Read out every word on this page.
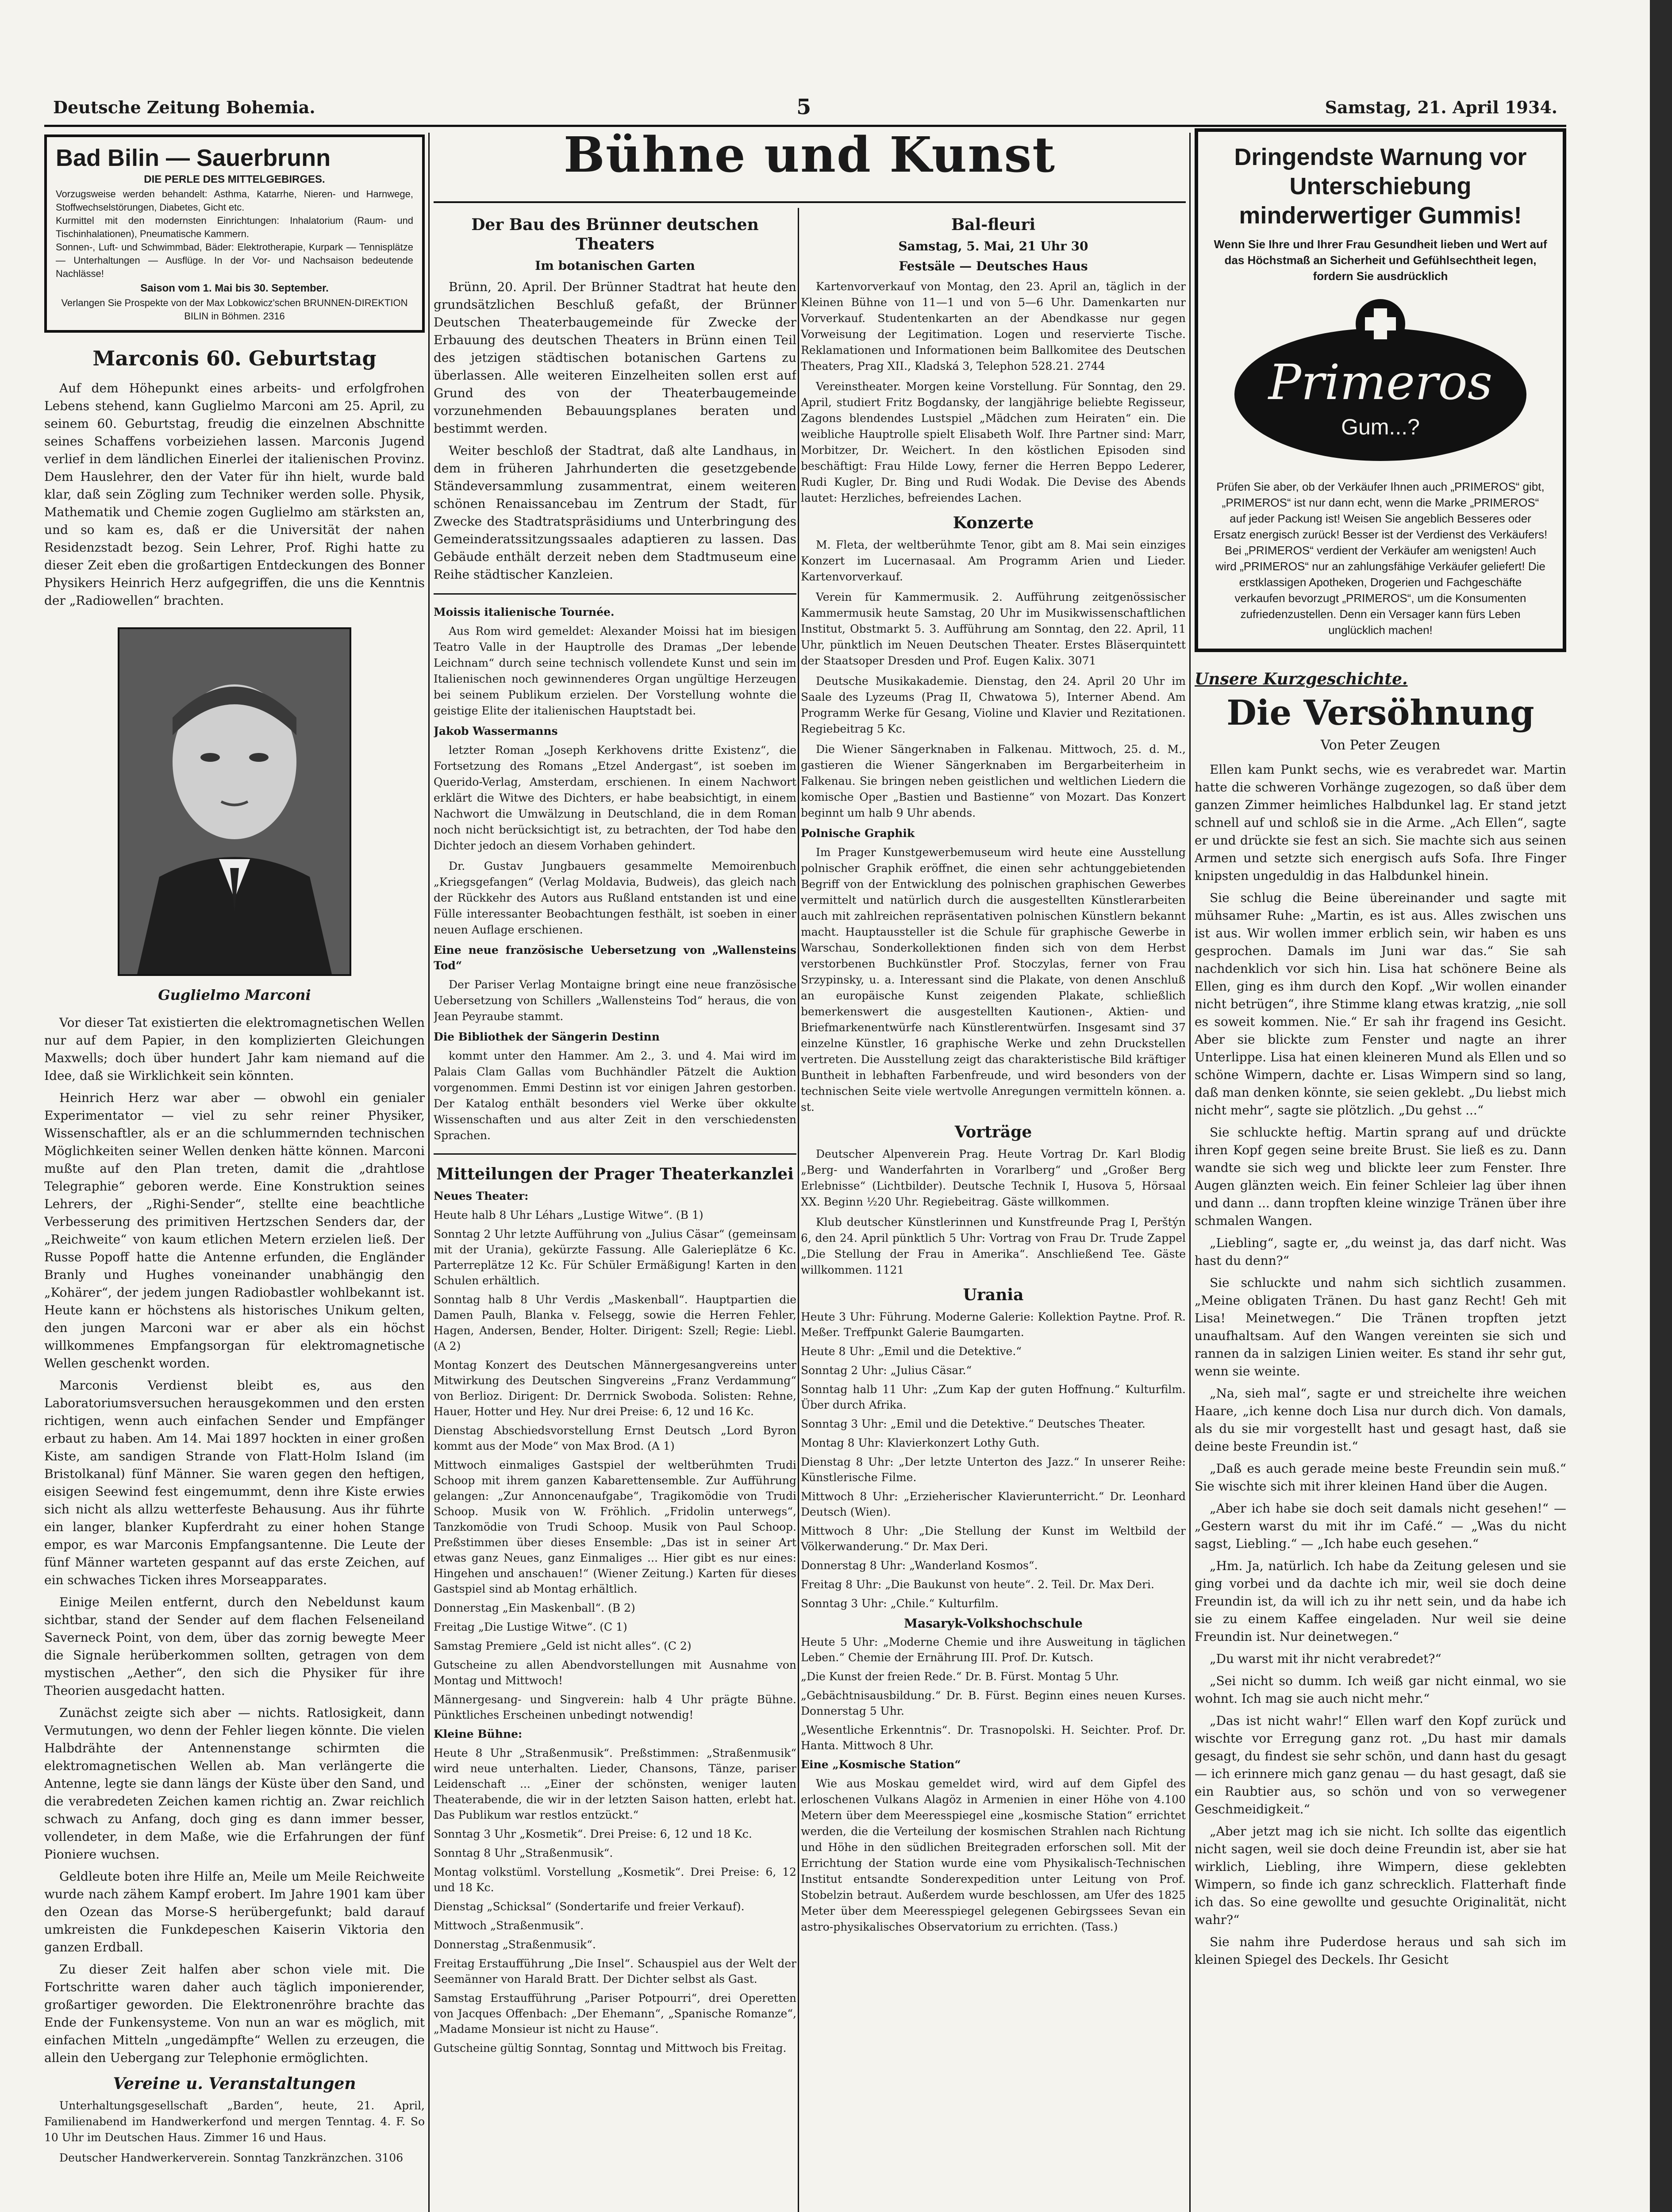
Deutsche Zeitung Bohemia.	5	Samstag, 21. April 1934.
Bad Bilin — Sauerbrunn
DIE PERLE DES MITTELGEBIRGES.
Vorzugsweise werden behandelt: Asthma, Katarrhe, Nieren- und Harnwege, Stoffwechselstörungen, Diabetes, Gicht etc.
Kurmittel mit den modernsten Einrichtungen: Inhalatorium (Raum- und Tischinhalationen), Pneumatische Kammern.
Sonnen-, Luft- und Schwimmbad, Bäder: Elektrotherapie, Kurpark — Tennisplätze — Unterhaltungen — Ausflüge. In der Vor- und Nachsaison bedeutende Nachlässe!
Saison vom 1. Mai bis 30. September.
Verlangen Sie Prospekte von der Max Lobkowicz'schen BRUNNEN-DIREKTION BILIN in Böhmen. 2316
Marconis 60. Geburtstag

Auf dem Höhepunkt eines arbeits- und erfolgfrohen Lebens stehend, kann Guglielmo Marconi am 25. April, zu seinem 60. Geburtstag, freudig die einzelnen Abschnitte seines Schaffens vorbeiziehen lassen. Marconis Jugend verlief in dem ländlichen Einerlei der italienischen Provinz. Dem Hauslehrer, den der Vater für ihn hielt, wurde bald klar, daß sein Zögling zum Techniker werden solle. Physik, Mathematik und Chemie zogen Guglielmo am stärksten an, und so kam es, daß er die Universität der nahen Residenzstadt bezog. Sein Lehrer, Prof. Righi hatte zu dieser Zeit eben die großartigen Entdeckungen des Bonner Physikers Heinrich Herz aufgegriffen, die uns die Kenntnis der „Radiowellen“ brachten.

Guglielmo Marconi

Vor dieser Tat existierten die elektromagnetischen Wellen nur auf dem Papier, in den komplizierten Gleichungen Maxwells; doch über hundert Jahr kam niemand auf die Idee, daß sie Wirklichkeit sein könnten.

Heinrich Herz war aber — obwohl ein genialer Experimentator — viel zu sehr reiner Physiker, Wissenschaftler, als er an die schlummernden technischen Möglichkeiten seiner Wellen denken hätte können. Marconi mußte auf den Plan treten, damit die „drahtlose Telegraphie“ geboren werde. Eine Konstruktion seines Lehrers, der „Righi-Sender“, stellte eine beachtliche Verbesserung des primitiven Hertzschen Senders dar, der „Reichweite“ von kaum etlichen Metern erzielen ließ. Der Russe Popoff hatte die Antenne erfunden, die Engländer Branly und Hughes voneinander unabhängig den „Kohärer“, der jedem jungen Radiobastler wohlbekannt ist. Heute kann er höchstens als historisches Unikum gelten, den jungen Marconi war er aber als ein höchst willkommenes Empfangsorgan für elektromagnetische Wellen geschenkt worden.

Marconis Verdienst bleibt es, aus den Laboratoriumsversuchen herausgekommen und den ersten richtigen, wenn auch einfachen Sender und Empfänger erbaut zu haben. Am 14. Mai 1897 hockten in einer großen Kiste, am sandigen Strande von Flatt-Holm Island (im Bristolkanal) fünf Männer. Sie waren gegen den heftigen, eisigen Seewind fest eingemummt, denn ihre Kiste erwies sich nicht als allzu wetterfeste Behausung. Aus ihr führte ein langer, blanker Kupferdraht zu einer hohen Stange empor, es war Marconis Empfangsantenne. Die Leute der fünf Männer warteten gespannt auf das erste Zeichen, auf ein schwaches Ticken ihres Morseapparates.

Einige Meilen entfernt, durch den Nebeldunst kaum sichtbar, stand der Sender auf dem flachen Felseneiland Saverneck Point, von dem, über das zornig bewegte Meer die Signale herüberkommen sollten, getragen von dem mystischen „Aether“, den sich die Physiker für ihre Theorien ausgedacht hatten.

Zunächst zeigte sich aber — nichts. Ratlosigkeit, dann Vermutungen, wo denn der Fehler liegen könnte. Die vielen Halbdrähte der Antennenstange schirmten die elektromagnetischen Wellen ab. Man verlängerte die Antenne, legte sie dann längs der Küste über den Sand, und die verabredeten Zeichen kamen richtig an. Zwar reichlich schwach zu Anfang, doch ging es dann immer besser, vollendeter, in dem Maße, wie die Erfahrungen der fünf Pioniere wuchsen.

Geldleute boten ihre Hilfe an, Meile um Meile Reichweite wurde nach zähem Kampf erobert. Im Jahre 1901 kam über den Ozean das Morse-S herübergefunkt; bald darauf umkreisten die Funkdepeschen Kaiserin Viktoria den ganzen Erdball.

Zu dieser Zeit halfen aber schon viele mit. Die Fortschritte waren daher auch täglich imponierender, großartiger geworden. Die Elektronenröhre brachte das Ende der Funkensysteme. Von nun an war es möglich, mit einfachen Mitteln „ungedämpfte“ Wellen zu erzeugen, die allein den Uebergang zur Telephonie ermöglichten.

Vereine u. Veranstaltungen

Unterhaltungsgesellschaft „Barden“, heute, 21. April, Familienabend im Handwerkerfond und mergen Tenntag. 4. F. So 10 Uhr im Deutschen Haus. Zimmer 16 und Haus.

Deutscher Handwerkerverein. Sonntag Tanzkränzchen. 3106

Bühne und Kunst
Der Bau des Brünner deutschen Theaters
Im botanischen Garten

Brünn, 20. April. Der Brünner Stadtrat hat heute den grundsätzlichen Beschluß gefaßt, der Brünner Deutschen Theaterbaugemeinde für Zwecke der Erbauung des deutschen Theaters in Brünn einen Teil des jetzigen städtischen botanischen Gartens zu überlassen. Alle weiteren Einzelheiten sollen erst auf Grund des von der Theaterbaugemeinde vorzunehmenden Bebauungsplanes beraten und bestimmt werden.

Weiter beschloß der Stadtrat, daß alte Landhaus, in dem in früheren Jahrhunderten die gesetzgebende Ständeversammlung zusammentrat, einem weiteren schönen Renaissancebau im Zentrum der Stadt, für Zwecke des Stadtratspräsidiums und Unterbringung des Gemeinderatssitzungssaales adaptieren zu lassen. Das Gebäude enthält derzeit neben dem Stadtmuseum eine Reihe städtischer Kanzleien.

Moissis italienische Tournée.

Aus Rom wird gemeldet: Alexander Moissi hat im biesigen Teatro Valle in der Hauptrolle des Dramas „Der lebende Leichnam“ durch seine technisch vollendete Kunst und sein im Italienischen noch gewinnenderes Organ ungültige Herzeugen bei seinem Publikum erzielen. Der Vorstellung wohnte die geistige Elite der italienischen Hauptstadt bei.

Jakob Wassermanns

letzter Roman „Joseph Kerkhovens dritte Existenz“, die Fortsetzung des Romans „Etzel Andergast“, ist soeben im Querido-Verlag, Amsterdam, erschienen. In einem Nachwort erklärt die Witwe des Dichters, er habe beabsichtigt, in einem Nachwort die Umwälzung in Deutschland, die in dem Roman noch nicht berücksichtigt ist, zu betrachten, der Tod habe den Dichter jedoch an diesem Vorhaben gehindert.

Dr. Gustav Jungbauers gesammelte Memoirenbuch „Kriegsgefangen“ (Verlag Moldavia, Budweis), das gleich nach der Rückkehr des Autors aus Rußland entstanden ist und eine Fülle interessanter Beobachtungen festhält, ist soeben in einer neuen Auflage erschienen.

Eine neue französische Uebersetzung von „Wallensteins Tod“

Der Pariser Verlag Montaigne bringt eine neue französische Uebersetzung von Schillers „Wallensteins Tod“ heraus, die von Jean Peyraube stammt.

Die Bibliothek der Sängerin Destinn

kommt unter den Hammer. Am 2., 3. und 4. Mai wird im Palais Clam Gallas vom Buchhändler Pätzelt die Auktion vorgenommen. Emmi Destinn ist vor einigen Jahren gestorben. Der Katalog enthält besonders viel Werke über okkulte Wissenschaften und aus alter Zeit in den verschiedensten Sprachen.

Mitteilungen der Prager Theaterkanzlei
Neues Theater:
Heute halb 8 Uhr Léhars „Lustige Witwe“. (B 1)
Sonntag 2 Uhr letzte Aufführung von „Julius Cäsar“ (gemeinsam mit der Urania), gekürzte Fassung. Alle Galerieplätze 6 Kc. Parterreplätze 12 Kc. Für Schüler Ermäßigung! Karten in den Schulen erhältlich.
Sonntag halb 8 Uhr Verdis „Maskenball“. Hauptpartien die Damen Paulh, Blanka v. Felsegg, sowie die Herren Fehler, Hagen, Andersen, Bender, Holter. Dirigent: Szell; Regie: Liebl. (A 2)
Montag Konzert des Deutschen Männergesangvereins unter Mitwirkung des Deutschen Singvereins „Franz Verdammung“ von Berlioz. Dirigent: Dr. Derrnick Swoboda. Solisten: Rehne, Hauer, Hotter und Hey. Nur drei Preise: 6, 12 und 16 Kc.
Dienstag Abschiedsvorstellung Ernst Deutsch „Lord Byron kommt aus der Mode“ von Max Brod. (A 1)
Mittwoch einmaliges Gastspiel der weltberühmten Trudi Schoop mit ihrem ganzen Kabarettensemble. Zur Aufführung gelangen: „Zur Annoncenaufgabe“, Tragikomödie von Trudi Schoop. Musik von W. Fröhlich. „Fridolin unterwegs“, Tanzkomödie von Trudi Schoop. Musik von Paul Schoop. Preßstimmen über dieses Ensemble: „Das ist in seiner Art etwas ganz Neues, ganz Einmaliges ... Hier gibt es nur eines: Hingehen und anschauen!“ (Wiener Zeitung.) Karten für dieses Gastspiel sind ab Montag erhältlich.
Donnerstag „Ein Maskenball“. (B 2)
Freitag „Die Lustige Witwe“. (C 1)
Samstag Premiere „Geld ist nicht alles“. (C 2)
Gutscheine zu allen Abendvorstellungen mit Ausnahme von Montag und Mittwoch!
Männergesang- und Singverein: halb 4 Uhr prägte Bühne. Pünktliches Erscheinen unbedingt notwendig!
Kleine Bühne:
Heute 8 Uhr „Straßenmusik“. Preßstimmen: „Straßenmusik“ wird neue unterhalten. Lieder, Chansons, Tänze, pariser Leidenschaft ... „Einer der schönsten, weniger lauten Theaterabende, die wir in der letzten Saison hatten, erlebt hat. Das Publikum war restlos entzückt.“
Sonntag 3 Uhr „Kosmetik“. Drei Preise: 6, 12 und 18 Kc.
Sonntag 8 Uhr „Straßenmusik“.
Montag volkstüml. Vorstellung „Kosmetik“. Drei Preise: 6, 12 und 18 Kc.
Dienstag „Schicksal“ (Sondertarife und freier Verkauf).
Mittwoch „Straßenmusik“.
Donnerstag „Straßenmusik“.
Freitag Erstaufführung „Die Insel“. Schauspiel aus der Welt der Seemänner von Harald Bratt. Der Dichter selbst als Gast.
Samstag Erstaufführung „Pariser Potpourri“, drei Operetten von Jacques Offenbach: „Der Ehemann“, „Spanische Romanze“, „Madame Monsieur ist nicht zu Hause“.
Gutscheine gültig Sonntag, Sonntag und Mittwoch bis Freitag.
Bal-fleuri
Samstag, 5. Mai, 21 Uhr 30
Festsäle — Deutsches Haus

Kartenvorverkauf von Montag, den 23. April an, täglich in der Kleinen Bühne von 11—1 und von 5—6 Uhr. Damenkarten nur Vorverkauf. Studentenkarten an der Abendkasse nur gegen Vorweisung der Legitimation. Logen und reservierte Tische. Reklamationen und Informationen beim Ballkomitee des Deutschen Theaters, Prag XII., Kladská 3, Telephon 528.21. 2744

Vereinstheater. Morgen keine Vorstellung. Für Sonntag, den 29. April, studiert Fritz Bogdansky, der langjährige beliebte Regisseur, Zagons blendendes Lustspiel „Mädchen zum Heiraten“ ein. Die weibliche Hauptrolle spielt Elisabeth Wolf. Ihre Partner sind: Marr, Morbitzer, Dr. Weichert. In den köstlichen Episoden sind beschäftigt: Frau Hilde Lowy, ferner die Herren Beppo Lederer, Rudi Kugler, Dr. Bing und Rudi Wodak. Die Devise des Abends lautet: Herzliches, befreiendes Lachen.

Konzerte

M. Fleta, der weltberühmte Tenor, gibt am 8. Mai sein einziges Konzert im Lucernasaal. Am Programm Arien und Lieder. Kartenvorverkauf.

Verein für Kammermusik. 2. Aufführung zeitgenössischer Kammermusik heute Samstag, 20 Uhr im Musikwissenschaftlichen Institut, Obstmarkt 5. 3. Aufführung am Sonntag, den 22. April, 11 Uhr, pünktlich im Neuen Deutschen Theater. Erstes Bläserquintett der Staatsoper Dresden und Prof. Eugen Kalix. 3071

Deutsche Musikakademie. Dienstag, den 24. April 20 Uhr im Saale des Lyzeums (Prag II, Chwatowa 5), Interner Abend. Am Programm Werke für Gesang, Violine und Klavier und Rezitationen. Regiebeitrag 5 Kc.

Die Wiener Sängerknaben in Falkenau. Mittwoch, 25. d. M., gastieren die Wiener Sängerknaben im Bergarbeiterheim in Falkenau. Sie bringen neben geistlichen und weltlichen Liedern die komische Oper „Bastien und Bastienne“ von Mozart. Das Konzert beginnt um halb 9 Uhr abends.

Polnische Graphik

Im Prager Kunstgewerbemuseum wird heute eine Ausstellung polnischer Graphik eröffnet, die einen sehr achtunggebietenden Begriff von der Entwicklung des polnischen graphischen Gewerbes vermittelt und natürlich durch die ausgestellten Künstlerarbeiten auch mit zahlreichen repräsentativen polnischen Künstlern bekannt macht. Hauptaussteller ist die Schule für graphische Gewerbe in Warschau, Sonderkollektionen finden sich von dem Herbst verstorbenen Buchkünstler Prof. Stoczylas, ferner von Frau Srzypinsky, u. a. Interessant sind die Plakate, von denen Anschluß an europäische Kunst zeigenden Plakate, schließlich bemerkenswert die ausgestellten Kautionen-, Aktien- und Briefmarkenentwürfe nach Künstlerentwürfen. Insgesamt sind 37 einzelne Künstler, 16 graphische Werke und zehn Druckstellen vertreten. Die Ausstellung zeigt das charakteristische Bild kräftiger Buntheit in lebhaften Farbenfreude, und wird besonders von der technischen Seite viele wertvolle Anregungen vermitteln können. a. st.

Vorträge

Deutscher Alpenverein Prag. Heute Vortrag Dr. Karl Blodig „Berg- und Wanderfahrten in Vorarlberg“ und „Großer Berg Erlebnisse“ (Lichtbilder). Deutsche Technik I, Husova 5, Hörsaal XX. Beginn ½20 Uhr. Regiebeitrag. Gäste willkommen.

Klub deutscher Künstlerinnen und Kunstfreunde Prag I, Perštýn 6, den 24. April pünktlich 5 Uhr: Vortrag von Frau Dr. Trude Zappel „Die Stellung der Frau in Amerika“. Anschließend Tee. Gäste willkommen. 1121

Urania
Heute 3 Uhr: Führung. Moderne Galerie: Kollektion Paytne. Prof. R. Meßer. Treffpunkt Galerie Baumgarten.
Heute 8 Uhr: „Emil und die Detektive.“
Sonntag 2 Uhr: „Julius Cäsar.“
Sonntag halb 11 Uhr: „Zum Kap der guten Hoffnung.“ Kulturfilm. Über durch Afrika.
Sonntag 3 Uhr: „Emil und die Detektive.“ Deutsches Theater.
Montag 8 Uhr: Klavierkonzert Lothy Guth.
Dienstag 8 Uhr: „Der letzte Unterton des Jazz.“ In unserer Reihe: Künstlerische Filme.
Mittwoch 8 Uhr: „Erzieherischer Klavierunterricht.“ Dr. Leonhard Deutsch (Wien).
Mittwoch 8 Uhr: „Die Stellung der Kunst im Weltbild der Völkerwanderung.“ Dr. Max Deri.
Donnerstag 8 Uhr: „Wanderland Kosmos“.
Freitag 8 Uhr: „Die Baukunst von heute“. 2. Teil. Dr. Max Deri.
Sonntag 3 Uhr: „Chile.“ Kulturfilm.
Masaryk-Volkshochschule
Heute 5 Uhr: „Moderne Chemie und ihre Ausweitung in täglichen Leben.“ Chemie der Ernährung III. Prof. Dr. Kutsch.
„Die Kunst der freien Rede.“ Dr. B. Fürst. Montag 5 Uhr.
„Gebächtnisausbildung.“ Dr. B. Fürst. Beginn eines neuen Kurses. Donnerstag 5 Uhr.
„Wesentliche Erkenntnis“. Dr. Trasnopolski. H. Seichter. Prof. Dr. Hanta. Mittwoch 8 Uhr.
Eine „Kosmische Station“

Wie aus Moskau gemeldet wird, wird auf dem Gipfel des erloschenen Vulkans Alagöz in Armenien in einer Höhe von 4.100 Metern über dem Meeresspiegel eine „kosmische Station“ errichtet werden, die die Verteilung der kosmischen Strahlen nach Richtung und Höhe in den südlichen Breitegraden erforschen soll. Mit der Errichtung der Station wurde eine vom Physikalisch-Technischen Institut entsandte Sonderexpedition unter Leitung von Prof. Stobelzin betraut. Außerdem wurde beschlossen, am Ufer des 1825 Meter über dem Meeresspiegel gelegenen Gebirgssees Sevan ein astro-physikalisches Observatorium zu errichten. (Tass.)

Dringendste Warnung vor Unterschiebung minderwertiger Gummis!
Wenn Sie Ihre und Ihrer Frau Gesundheit lieben und Wert auf das Höchstmaß an Sicherheit und Gefühlsechtheit legen, fordern Sie ausdrücklich
Primeros
Gum...?
Prüfen Sie aber, ob der Verkäufer Ihnen auch „PRIMEROS“ gibt, „PRIMEROS“ ist nur dann echt, wenn die Marke „PRIMEROS“ auf jeder Packung ist! Weisen Sie angeblich Besseres oder Ersatz energisch zurück! Besser ist der Verdienst des Verkäufers! Bei „PRIMEROS“ verdient der Verkäufer am wenigsten! Auch wird „PRIMEROS“ nur an zahlungsfähige Verkäufer geliefert! Die erstklassigen Apotheken, Drogerien und Fachgeschäfte verkaufen bevorzugt „PRIMEROS“, um die Konsumenten zufriedenzustellen. Denn ein Versager kann fürs Leben unglücklich machen!
Unsere Kurzgeschichte.
Die Versöhnung
Von Peter Zeugen

Ellen kam Punkt sechs, wie es verabredet war. Martin hatte die schweren Vorhänge zugezogen, so daß über dem ganzen Zimmer heimliches Halbdunkel lag. Er stand jetzt schnell auf und schloß sie in die Arme. „Ach Ellen“, sagte er und drückte sie fest an sich. Sie machte sich aus seinen Armen und setzte sich energisch aufs Sofa. Ihre Finger knipsten ungeduldig in das Halbdunkel hinein.

Sie schlug die Beine übereinander und sagte mit mühsamer Ruhe: „Martin, es ist aus. Alles zwischen uns ist aus. Wir wollen immer erblich sein, wir haben es uns gesprochen. Damals im Juni war das.“ Sie sah nachdenklich vor sich hin. Lisa hat schönere Beine als Ellen, ging es ihm durch den Kopf. „Wir wollen einander nicht betrügen“, ihre Stimme klang etwas kratzig, „nie soll es soweit kommen. Nie.“ Er sah ihr fragend ins Gesicht. Aber sie blickte zum Fenster und nagte an ihrer Unterlippe. Lisa hat einen kleineren Mund als Ellen und so schöne Wimpern, dachte er. Lisas Wimpern sind so lang, daß man denken könnte, sie seien geklebt. „Du liebst mich nicht mehr“, sagte sie plötzlich. „Du gehst ...“

Sie schluckte heftig. Martin sprang auf und drückte ihren Kopf gegen seine breite Brust. Sie ließ es zu. Dann wandte sie sich weg und blickte leer zum Fenster. Ihre Augen glänzten weich. Ein feiner Schleier lag über ihnen und dann ... dann tropften kleine winzige Tränen über ihre schmalen Wangen.

„Liebling“, sagte er, „du weinst ja, das darf nicht. Was hast du denn?“

Sie schluckte und nahm sich sichtlich zusammen. „Meine obligaten Tränen. Du hast ganz Recht! Geh mit Lisa! Meinetwegen.“ Die Tränen tropften jetzt unaufhaltsam. Auf den Wangen vereinten sie sich und rannen da in salzigen Linien weiter. Es stand ihr sehr gut, wenn sie weinte.

„Na, sieh mal“, sagte er und streichelte ihre weichen Haare, „ich kenne doch Lisa nur durch dich. Von damals, als du sie mir vorgestellt hast und gesagt hast, daß sie deine beste Freundin ist.“

„Daß es auch gerade meine beste Freundin sein muß.“ Sie wischte sich mit ihrer kleinen Hand über die Augen.

„Aber ich habe sie doch seit damals nicht gesehen!“ — „Gestern warst du mit ihr im Café.“ — „Was du nicht sagst, Liebling.“ — „Ich habe euch gesehen.“

„Hm. Ja, natürlich. Ich habe da Zeitung gelesen und sie ging vorbei und da dachte ich mir, weil sie doch deine Freundin ist, da will ich zu ihr nett sein, und da habe ich sie zu einem Kaffee eingeladen. Nur weil sie deine Freundin ist. Nur deinetwegen.“

„Du warst mit ihr nicht verabredet?“

„Sei nicht so dumm. Ich weiß gar nicht einmal, wo sie wohnt. Ich mag sie auch nicht mehr.“

„Das ist nicht wahr!“ Ellen warf den Kopf zurück und wischte vor Erregung ganz rot. „Du hast mir damals gesagt, du findest sie sehr schön, und dann hast du gesagt — ich erinnere mich ganz genau — du hast gesagt, daß sie ein Raubtier aus, so schön und von so verwegener Geschmeidigkeit.“

„Aber jetzt mag ich sie nicht. Ich sollte das eigentlich nicht sagen, weil sie doch deine Freundin ist, aber sie hat wirklich, Liebling, ihre Wimpern, diese geklebten Wimpern, so finde ich ganz schrecklich. Flatterhaft finde ich das. So eine gewollte und gesuchte Originalität, nicht wahr?“

Sie nahm ihre Puderdose heraus und sah sich im kleinen Spiegel des Deckels. Ihr Gesicht
